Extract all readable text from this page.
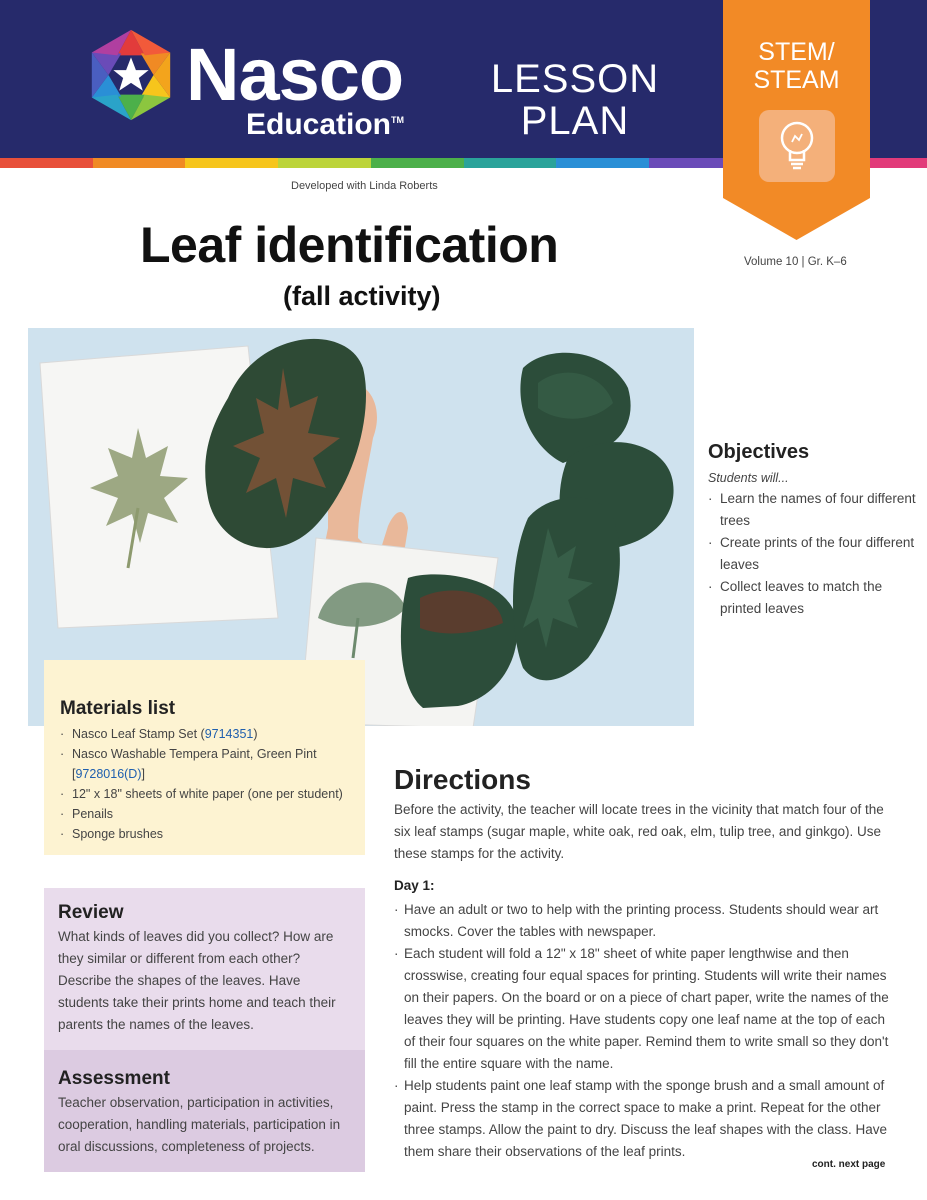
Nasco
Education™
LESSON
PLAN
STEM/
STEAM
Developed with Linda Roberts
Volume 10 | Gr. K–6
Leaf identification
(fall activity)
Objectives
Students will...
· Learn the names of four different trees
· Create prints of the four different leaves
· Collect leaves to match the printed leaves
Materials list
· Nasco Leaf Stamp Set (9714351)
· Nasco Washable Tempera Paint, Green Pint [9728016(D)]
· 12" x 18" sheets of white paper (one per student)
· Penails
· Sponge brushes
Review
What kinds of leaves did you collect? How are they similar or different from each other? Describe the shapes of the leaves. Have students take their prints home and teach their parents the names of the leaves.
Assessment
Teacher observation, participation in activities, cooperation, handling materials, participation in oral discussions, completeness of projects.
Directions
Before the activity, the teacher will locate trees in the vicinity that match four of the six leaf stamps (sugar maple, white oak, red oak, elm, tulip tree, and ginkgo). Use these stamps for the activity.
Day 1:
· Have an adult or two to help with the printing process. Students should wear art smocks. Cover the tables with newspaper.
· Each student will fold a 12" x 18" sheet of white paper lengthwise and then crosswise, creating four equal spaces for printing. Students will write their names on their papers. On the board or on a piece of chart paper, write the names of the leaves they will be printing. Have students copy one leaf name at the top of each of their four squares on the white paper. Remind them to write small so they don't fill the entire square with the name.
· Help students paint one leaf stamp with the sponge brush and a small amount of paint. Press the stamp in the correct space to make a print. Repeat for the other three stamps. Allow the paint to dry. Discuss the leaf shapes with the class. Have them share their observations of the leaf prints.
cont. next page
